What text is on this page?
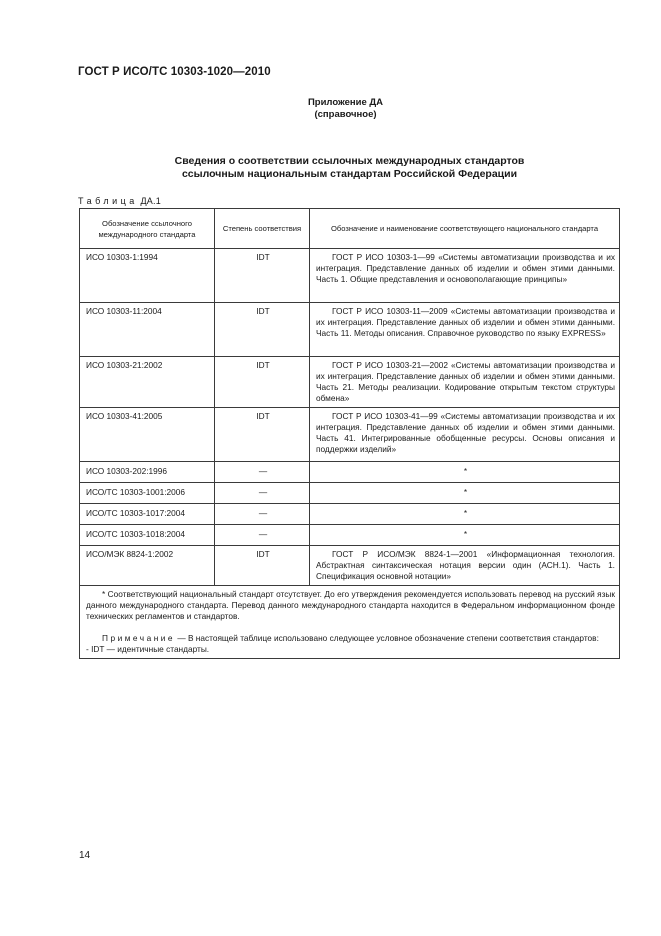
ГОСТ Р ИСО/ТС 10303-1020—2010
Приложение ДА
(справочное)
Сведения о соответствии ссылочных международных стандартов
ссылочным национальным стандартам Российской Федерации
Таблица ДА.1
Обозначение ссылочного международного стандарта	Степень соответствия	Обозначение и наименование соответствующего национального стандарта
ИСО 10303-1:1994	IDT	ГОСТ Р ИСО 10303-1—99 «Системы автоматизации производства и их интеграция. Представление данных об изделии и обмен этими данными. Часть 1. Общие представления и основополагающие принципы»
ИСО 10303-11:2004	IDT	ГОСТ Р ИСО 10303-11—2009 «Системы автоматизации производства и их интеграция. Представление данных об изделии и обмен этими данными. Часть 11. Методы описания. Справочное руководство по языку EXPRESS»
ИСО 10303-21:2002	IDT	ГОСТ Р ИСО 10303-21—2002 «Системы автоматизации производства и их интеграция. Представление данных об изделии и обмен этими данными. Часть 21. Методы реализации. Кодирование открытым текстом структуры обмена»
ИСО 10303-41:2005	IDT	ГОСТ Р ИСО 10303-41—99 «Системы автоматизации производства и их интеграция. Представление данных об изделии и обмен этими данными. Часть 41. Интегрированные обобщенные ресурсы. Основы описания и поддержки изделий»
ИСО 10303-202:1996	—	*
ИСО/ТС 10303-1001:2006	—	*
ИСО/ТС 10303-1017:2004	—	*
ИСО/ТС 10303-1018:2004	—	*
ИСО/МЭК 8824-1:2002	IDT	ГОСТ Р ИСО/МЭК 8824-1—2001 «Информационная технология. Абстрактная синтаксическая нотация версии один (АСН.1). Часть 1. Спецификация основной нотации»

* Соответствующий национальный стандарт отсутствует. До его утверждения рекомендуется использовать перевод на русский язык данного международного стандарта. Перевод данного международного стандарта находится в Федеральном информационном фонде технических регламентов и стандартов.

Примечание — В настоящей таблице использовано следующее условное обозначение степени соответствия стандартов:

- IDT — идентичные стандарты.		

14
